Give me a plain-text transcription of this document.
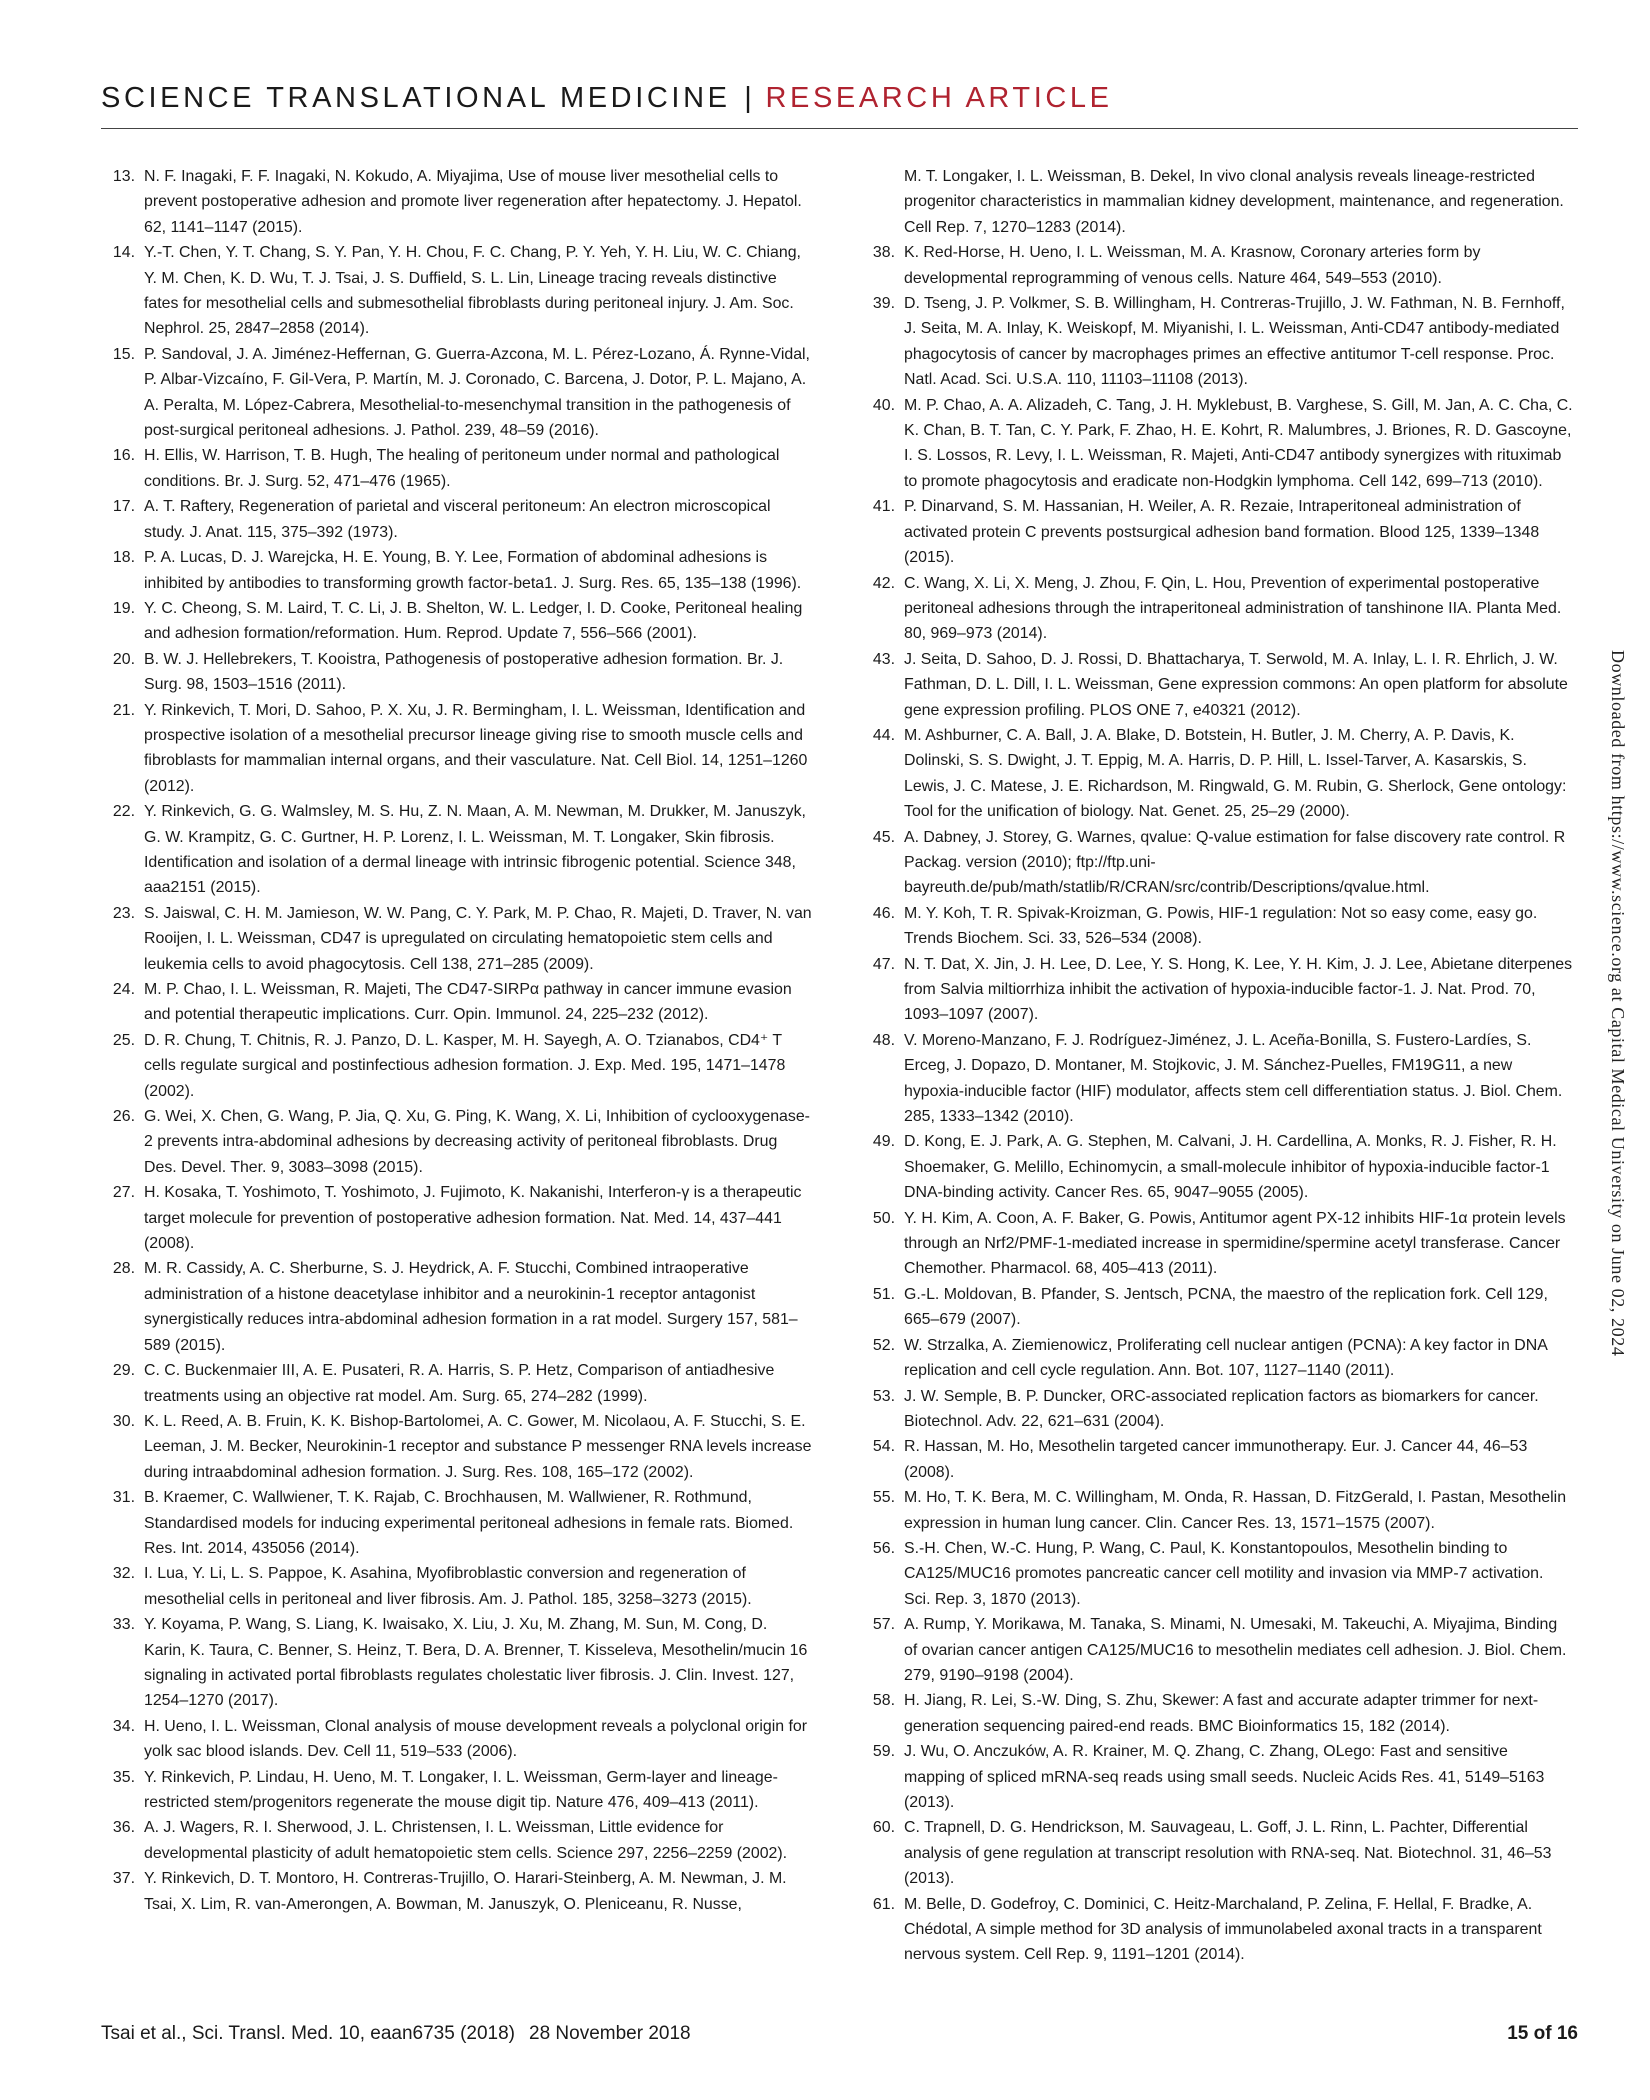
SCIENCE TRANSLATIONAL MEDICINE | RESEARCH ARTICLE
13. N. F. Inagaki, F. F. Inagaki, N. Kokudo, A. Miyajima, Use of mouse liver mesothelial cells to prevent postoperative adhesion and promote liver regeneration after hepatectomy. J. Hepatol. 62, 1141–1147 (2015).
14. Y.-T. Chen, Y. T. Chang, S. Y. Pan, Y. H. Chou, F. C. Chang, P. Y. Yeh, Y. H. Liu, W. C. Chiang, Y. M. Chen, K. D. Wu, T. J. Tsai, J. S. Duffield, S. L. Lin, Lineage tracing reveals distinctive fates for mesothelial cells and submesothelial fibroblasts during peritoneal injury. J. Am. Soc. Nephrol. 25, 2847–2858 (2014).
15. P. Sandoval, J. A. Jiménez-Heffernan, G. Guerra-Azcona, M. L. Pérez-Lozano, Á. Rynne-Vidal, P. Albar-Vizcaíno, F. Gil-Vera, P. Martín, M. J. Coronado, C. Barcena, J. Dotor, P. L. Majano, A. A. Peralta, M. López-Cabrera, Mesothelial-to-mesenchymal transition in the pathogenesis of post-surgical peritoneal adhesions. J. Pathol. 239, 48–59 (2016).
16. H. Ellis, W. Harrison, T. B. Hugh, The healing of peritoneum under normal and pathological conditions. Br. J. Surg. 52, 471–476 (1965).
17. A. T. Raftery, Regeneration of parietal and visceral peritoneum: An electron microscopical study. J. Anat. 115, 375–392 (1973).
18. P. A. Lucas, D. J. Warejcka, H. E. Young, B. Y. Lee, Formation of abdominal adhesions is inhibited by antibodies to transforming growth factor-beta1. J. Surg. Res. 65, 135–138 (1996).
19. Y. C. Cheong, S. M. Laird, T. C. Li, J. B. Shelton, W. L. Ledger, I. D. Cooke, Peritoneal healing and adhesion formation/reformation. Hum. Reprod. Update 7, 556–566 (2001).
20. B. W. J. Hellebrekers, T. Kooistra, Pathogenesis of postoperative adhesion formation. Br. J. Surg. 98, 1503–1516 (2011).
21. Y. Rinkevich, T. Mori, D. Sahoo, P. X. Xu, J. R. Bermingham, I. L. Weissman, Identification and prospective isolation of a mesothelial precursor lineage giving rise to smooth muscle cells and fibroblasts for mammalian internal organs, and their vasculature. Nat. Cell Biol. 14, 1251–1260 (2012).
22. Y. Rinkevich, G. G. Walmsley, M. S. Hu, Z. N. Maan, A. M. Newman, M. Drukker, M. Januszyk, G. W. Krampitz, G. C. Gurtner, H. P. Lorenz, I. L. Weissman, M. T. Longaker, Skin fibrosis. Identification and isolation of a dermal lineage with intrinsic fibrogenic potential. Science 348, aaa2151 (2015).
23. S. Jaiswal, C. H. M. Jamieson, W. W. Pang, C. Y. Park, M. P. Chao, R. Majeti, D. Traver, N. van Rooijen, I. L. Weissman, CD47 is upregulated on circulating hematopoietic stem cells and leukemia cells to avoid phagocytosis. Cell 138, 271–285 (2009).
24. M. P. Chao, I. L. Weissman, R. Majeti, The CD47-SIRPα pathway in cancer immune evasion and potential therapeutic implications. Curr. Opin. Immunol. 24, 225–232 (2012).
25. D. R. Chung, T. Chitnis, R. J. Panzo, D. L. Kasper, M. H. Sayegh, A. O. Tzianabos, CD4⁺ T cells regulate surgical and postinfectious adhesion formation. J. Exp. Med. 195, 1471–1478 (2002).
26. G. Wei, X. Chen, G. Wang, P. Jia, Q. Xu, G. Ping, K. Wang, X. Li, Inhibition of cyclooxygenase-2 prevents intra-abdominal adhesions by decreasing activity of peritoneal fibroblasts. Drug Des. Devel. Ther. 9, 3083–3098 (2015).
27. H. Kosaka, T. Yoshimoto, T. Yoshimoto, J. Fujimoto, K. Nakanishi, Interferon-γ is a therapeutic target molecule for prevention of postoperative adhesion formation. Nat. Med. 14, 437–441 (2008).
28. M. R. Cassidy, A. C. Sherburne, S. J. Heydrick, A. F. Stucchi, Combined intraoperative administration of a histone deacetylase inhibitor and a neurokinin-1 receptor antagonist synergistically reduces intra-abdominal adhesion formation in a rat model. Surgery 157, 581–589 (2015).
29. C. C. Buckenmaier III, A. E. Pusateri, R. A. Harris, S. P. Hetz, Comparison of antiadhesive treatments using an objective rat model. Am. Surg. 65, 274–282 (1999).
30. K. L. Reed, A. B. Fruin, K. K. Bishop-Bartolomei, A. C. Gower, M. Nicolaou, A. F. Stucchi, S. E. Leeman, J. M. Becker, Neurokinin-1 receptor and substance P messenger RNA levels increase during intraabdominal adhesion formation. J. Surg. Res. 108, 165–172 (2002).
31. B. Kraemer, C. Wallwiener, T. K. Rajab, C. Brochhausen, M. Wallwiener, R. Rothmund, Standardised models for inducing experimental peritoneal adhesions in female rats. Biomed. Res. Int. 2014, 435056 (2014).
32. I. Lua, Y. Li, L. S. Pappoe, K. Asahina, Myofibroblastic conversion and regeneration of mesothelial cells in peritoneal and liver fibrosis. Am. J. Pathol. 185, 3258–3273 (2015).
33. Y. Koyama, P. Wang, S. Liang, K. Iwaisako, X. Liu, J. Xu, M. Zhang, M. Sun, M. Cong, D. Karin, K. Taura, C. Benner, S. Heinz, T. Bera, D. A. Brenner, T. Kisseleva, Mesothelin/mucin 16 signaling in activated portal fibroblasts regulates cholestatic liver fibrosis. J. Clin. Invest. 127, 1254–1270 (2017).
34. H. Ueno, I. L. Weissman, Clonal analysis of mouse development reveals a polyclonal origin for yolk sac blood islands. Dev. Cell 11, 519–533 (2006).
35. Y. Rinkevich, P. Lindau, H. Ueno, M. T. Longaker, I. L. Weissman, Germ-layer and lineage-restricted stem/progenitors regenerate the mouse digit tip. Nature 476, 409–413 (2011).
36. A. J. Wagers, R. I. Sherwood, J. L. Christensen, I. L. Weissman, Little evidence for developmental plasticity of adult hematopoietic stem cells. Science 297, 2256–2259 (2002).
37. Y. Rinkevich, D. T. Montoro, H. Contreras-Trujillo, O. Harari-Steinberg, A. M. Newman, J. M. Tsai, X. Lim, R. van-Amerongen, A. Bowman, M. Januszyk, O. Pleniceanu, R. Nusse,
M. T. Longaker, I. L. Weissman, B. Dekel, In vivo clonal analysis reveals lineage-restricted progenitor characteristics in mammalian kidney development, maintenance, and regeneration. Cell Rep. 7, 1270–1283 (2014).
38. K. Red-Horse, H. Ueno, I. L. Weissman, M. A. Krasnow, Coronary arteries form by developmental reprogramming of venous cells. Nature 464, 549–553 (2010).
39. D. Tseng, J. P. Volkmer, S. B. Willingham, H. Contreras-Trujillo, J. W. Fathman, N. B. Fernhoff, J. Seita, M. A. Inlay, K. Weiskopf, M. Miyanishi, I. L. Weissman, Anti-CD47 antibody-mediated phagocytosis of cancer by macrophages primes an effective antitumor T-cell response. Proc. Natl. Acad. Sci. U.S.A. 110, 11103–11108 (2013).
40. M. P. Chao, A. A. Alizadeh, C. Tang, J. H. Myklebust, B. Varghese, S. Gill, M. Jan, A. C. Cha, C. K. Chan, B. T. Tan, C. Y. Park, F. Zhao, H. E. Kohrt, R. Malumbres, J. Briones, R. D. Gascoyne, I. S. Lossos, R. Levy, I. L. Weissman, R. Majeti, Anti-CD47 antibody synergizes with rituximab to promote phagocytosis and eradicate non-Hodgkin lymphoma. Cell 142, 699–713 (2010).
41. P. Dinarvand, S. M. Hassanian, H. Weiler, A. R. Rezaie, Intraperitoneal administration of activated protein C prevents postsurgical adhesion band formation. Blood 125, 1339–1348 (2015).
42. C. Wang, X. Li, X. Meng, J. Zhou, F. Qin, L. Hou, Prevention of experimental postoperative peritoneal adhesions through the intraperitoneal administration of tanshinone IIA. Planta Med. 80, 969–973 (2014).
43. J. Seita, D. Sahoo, D. J. Rossi, D. Bhattacharya, T. Serwold, M. A. Inlay, L. I. R. Ehrlich, J. W. Fathman, D. L. Dill, I. L. Weissman, Gene expression commons: An open platform for absolute gene expression profiling. PLOS ONE 7, e40321 (2012).
44. M. Ashburner, C. A. Ball, J. A. Blake, D. Botstein, H. Butler, J. M. Cherry, A. P. Davis, K. Dolinski, S. S. Dwight, J. T. Eppig, M. A. Harris, D. P. Hill, L. Issel-Tarver, A. Kasarskis, S. Lewis, J. C. Matese, J. E. Richardson, M. Ringwald, G. M. Rubin, G. Sherlock, Gene ontology: Tool for the unification of biology. Nat. Genet. 25, 25–29 (2000).
45. A. Dabney, J. Storey, G. Warnes, qvalue: Q-value estimation for false discovery rate control. R Packag. version (2010); ftp://ftp.uni-bayreuth.de/pub/math/statlib/R/CRAN/src/contrib/Descriptions/qvalue.html.
46. M. Y. Koh, T. R. Spivak-Kroizman, G. Powis, HIF-1 regulation: Not so easy come, easy go. Trends Biochem. Sci. 33, 526–534 (2008).
47. N. T. Dat, X. Jin, J. H. Lee, D. Lee, Y. S. Hong, K. Lee, Y. H. Kim, J. J. Lee, Abietane diterpenes from Salvia miltiorrhiza inhibit the activation of hypoxia-inducible factor-1. J. Nat. Prod. 70, 1093–1097 (2007).
48. V. Moreno-Manzano, F. J. Rodríguez-Jiménez, J. L. Aceña-Bonilla, S. Fustero-Lardíes, S. Erceg, J. Dopazo, D. Montaner, M. Stojkovic, J. M. Sánchez-Puelles, FM19G11, a new hypoxia-inducible factor (HIF) modulator, affects stem cell differentiation status. J. Biol. Chem. 285, 1333–1342 (2010).
49. D. Kong, E. J. Park, A. G. Stephen, M. Calvani, J. H. Cardellina, A. Monks, R. J. Fisher, R. H. Shoemaker, G. Melillo, Echinomycin, a small-molecule inhibitor of hypoxia-inducible factor-1 DNA-binding activity. Cancer Res. 65, 9047–9055 (2005).
50. Y. H. Kim, A. Coon, A. F. Baker, G. Powis, Antitumor agent PX-12 inhibits HIF-1α protein levels through an Nrf2/PMF-1-mediated increase in spermidine/spermine acetyl transferase. Cancer Chemother. Pharmacol. 68, 405–413 (2011).
51. G.-L. Moldovan, B. Pfander, S. Jentsch, PCNA, the maestro of the replication fork. Cell 129, 665–679 (2007).
52. W. Strzalka, A. Ziemienowicz, Proliferating cell nuclear antigen (PCNA): A key factor in DNA replication and cell cycle regulation. Ann. Bot. 107, 1127–1140 (2011).
53. J. W. Semple, B. P. Duncker, ORC-associated replication factors as biomarkers for cancer. Biotechnol. Adv. 22, 621–631 (2004).
54. R. Hassan, M. Ho, Mesothelin targeted cancer immunotherapy. Eur. J. Cancer 44, 46–53 (2008).
55. M. Ho, T. K. Bera, M. C. Willingham, M. Onda, R. Hassan, D. FitzGerald, I. Pastan, Mesothelin expression in human lung cancer. Clin. Cancer Res. 13, 1571–1575 (2007).
56. S.-H. Chen, W.-C. Hung, P. Wang, C. Paul, K. Konstantopoulos, Mesothelin binding to CA125/MUC16 promotes pancreatic cancer cell motility and invasion via MMP-7 activation. Sci. Rep. 3, 1870 (2013).
57. A. Rump, Y. Morikawa, M. Tanaka, S. Minami, N. Umesaki, M. Takeuchi, A. Miyajima, Binding of ovarian cancer antigen CA125/MUC16 to mesothelin mediates cell adhesion. J. Biol. Chem. 279, 9190–9198 (2004).
58. H. Jiang, R. Lei, S.-W. Ding, S. Zhu, Skewer: A fast and accurate adapter trimmer for next-generation sequencing paired-end reads. BMC Bioinformatics 15, 182 (2014).
59. J. Wu, O. Anczuków, A. R. Krainer, M. Q. Zhang, C. Zhang, OLego: Fast and sensitive mapping of spliced mRNA-seq reads using small seeds. Nucleic Acids Res. 41, 5149–5163 (2013).
60. C. Trapnell, D. G. Hendrickson, M. Sauvageau, L. Goff, J. L. Rinn, L. Pachter, Differential analysis of gene regulation at transcript resolution with RNA-seq. Nat. Biotechnol. 31, 46–53 (2013).
61. M. Belle, D. Godefroy, C. Dominici, C. Heitz-Marchaland, P. Zelina, F. Hellal, F. Bradke, A. Chédotal, A simple method for 3D analysis of immunolabeled axonal tracts in a transparent nervous system. Cell Rep. 9, 1191–1201 (2014).
Downloaded from https://www.science.org at Capital Medical University on June 02, 2024
Tsai et al., Sci. Transl. Med. 10, eaan6735 (2018) 28 November 2018	15 of 16
